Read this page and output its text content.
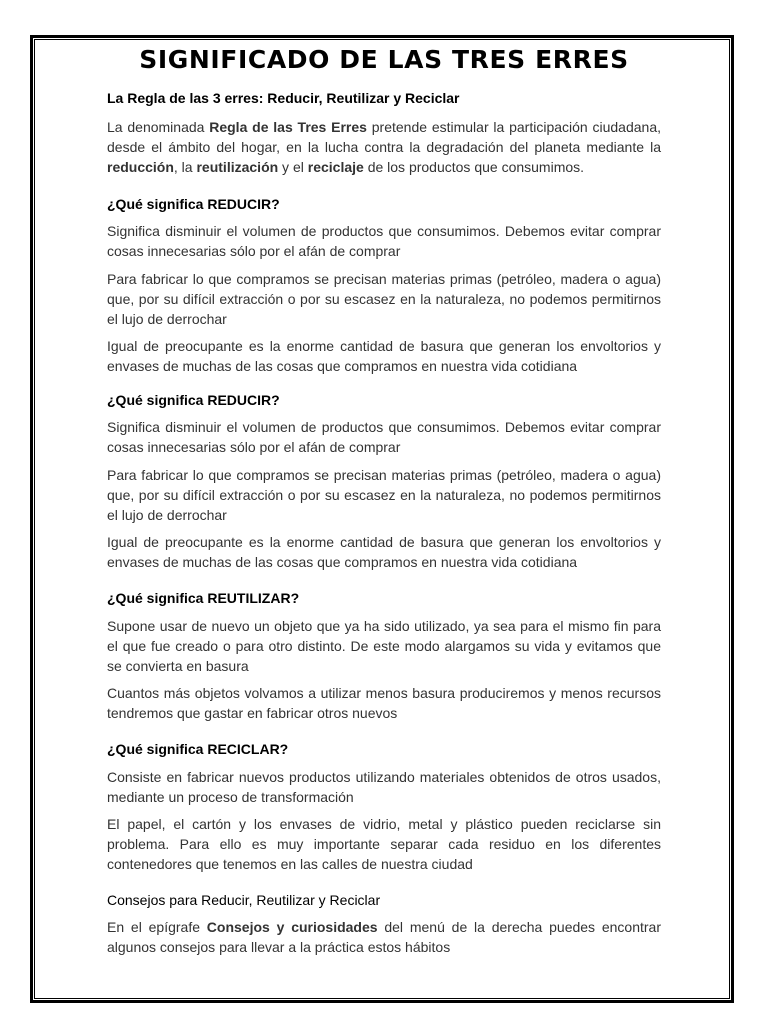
SIGNIFICADO DE LAS TRES ERRES
La Regla de las 3 erres: Reducir, Reutilizar y Reciclar

La denominada Regla de las Tres Erres pretende estimular la participación ciudadana, desde el ámbito del hogar, en la lucha contra la degradación del planeta mediante la reducción, la reutilización y el reciclaje de los productos que consumimos.

¿Qué significa REDUCIR?

Significa disminuir el volumen de productos que consumimos. Debemos evitar comprar cosas innecesarias sólo por el afán de comprar

Para fabricar lo que compramos se precisan materias primas (petróleo, madera o agua) que, por su difícil extracción o por su escasez en la naturaleza, no podemos permitirnos el lujo de derrochar

Igual de preocupante es la enorme cantidad de basura que generan los envoltorios y envases de muchas de las cosas que compramos en nuestra vida cotidiana

¿Qué significa REDUCIR?

Significa disminuir el volumen de productos que consumimos. Debemos evitar comprar cosas innecesarias sólo por el afán de comprar

Para fabricar lo que compramos se precisan materias primas (petróleo, madera o agua) que, por su difícil extracción o por su escasez en la naturaleza, no podemos permitirnos el lujo de derrochar

Igual de preocupante es la enorme cantidad de basura que generan los envoltorios y envases de muchas de las cosas que compramos en nuestra vida cotidiana

¿Qué significa REUTILIZAR?

Supone usar de nuevo un objeto que ya ha sido utilizado, ya sea para el mismo fin para el que fue creado o para otro distinto. De este modo alargamos su vida y evitamos que se convierta en basura

Cuantos más objetos volvamos a utilizar menos basura produciremos y menos recursos tendremos que gastar en fabricar otros nuevos

¿Qué significa RECICLAR?

Consiste en fabricar nuevos productos utilizando materiales obtenidos de otros usados, mediante un proceso de transformación

El papel, el cartón y los envases de vidrio, metal y plástico pueden reciclarse sin problema. Para ello es muy importante separar cada residuo en los diferentes contenedores que tenemos en las calles de nuestra ciudad

Consejos para Reducir, Reutilizar y Reciclar

En el epígrafe Consejos y curiosidades del menú de la derecha puedes encontrar algunos consejos para llevar a la práctica estos hábitos
